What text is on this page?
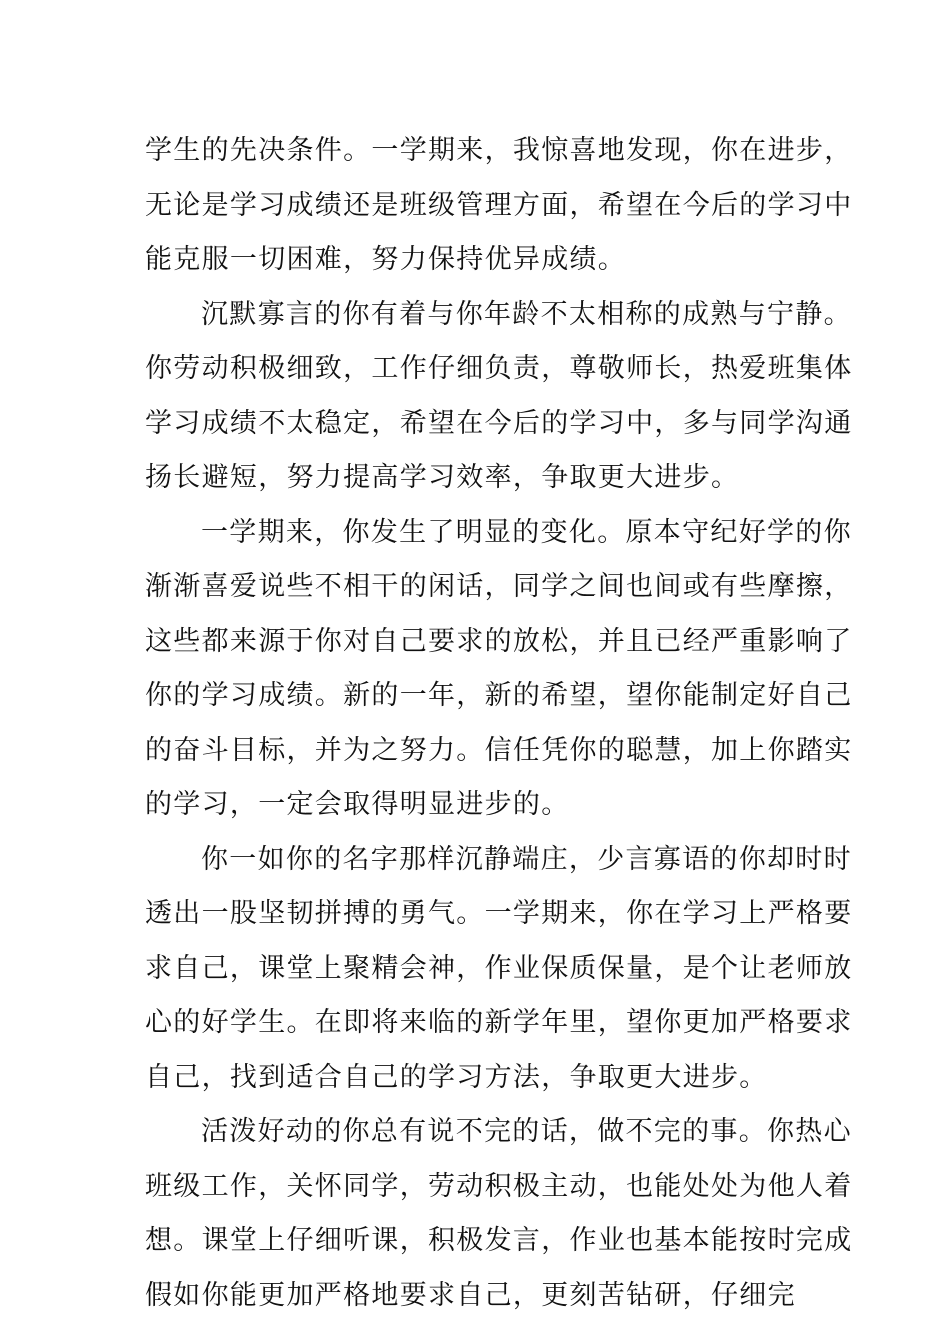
学生的先决条件。一学期来，我惊喜地发现，你在进步，
无论是学习成绩还是班级管理方面，希望在今后的学习中
能克服一切困难，努力保持优异成绩。
沉默寡言的你有着与你年龄不太相称的成熟与宁静。
你劳动积极细致，工作仔细负责，尊敬师长，热爱班集体
学习成绩不太稳定，希望在今后的学习中，多与同学沟通
扬长避短，努力提高学习效率，争取更大进步。
一学期来，你发生了明显的变化。原本守纪好学的你
渐渐喜爱说些不相干的闲话，同学之间也间或有些摩擦，
这些都来源于你对自己要求的放松，并且已经严重影响了
你的学习成绩。新的一年，新的希望，望你能制定好自己
的奋斗目标，并为之努力。信任凭你的聪慧，加上你踏实
的学习，一定会取得明显进步的。
你一如你的名字那样沉静端庄，少言寡语的你却时时
透出一股坚韧拼搏的勇气。一学期来，你在学习上严格要
求自己，课堂上聚精会神，作业保质保量，是个让老师放
心的好学生。在即将来临的新学年里，望你更加严格要求
自己，找到适合自己的学习方法，争取更大进步。
活泼好动的你总有说不完的话，做不完的事。你热心
班级工作，关怀同学，劳动积极主动，也能处处为他人着
想。课堂上仔细听课，积极发言，作业也基本能按时完成
假如你能更加严格地要求自己，更刻苦钻研，仔细完
